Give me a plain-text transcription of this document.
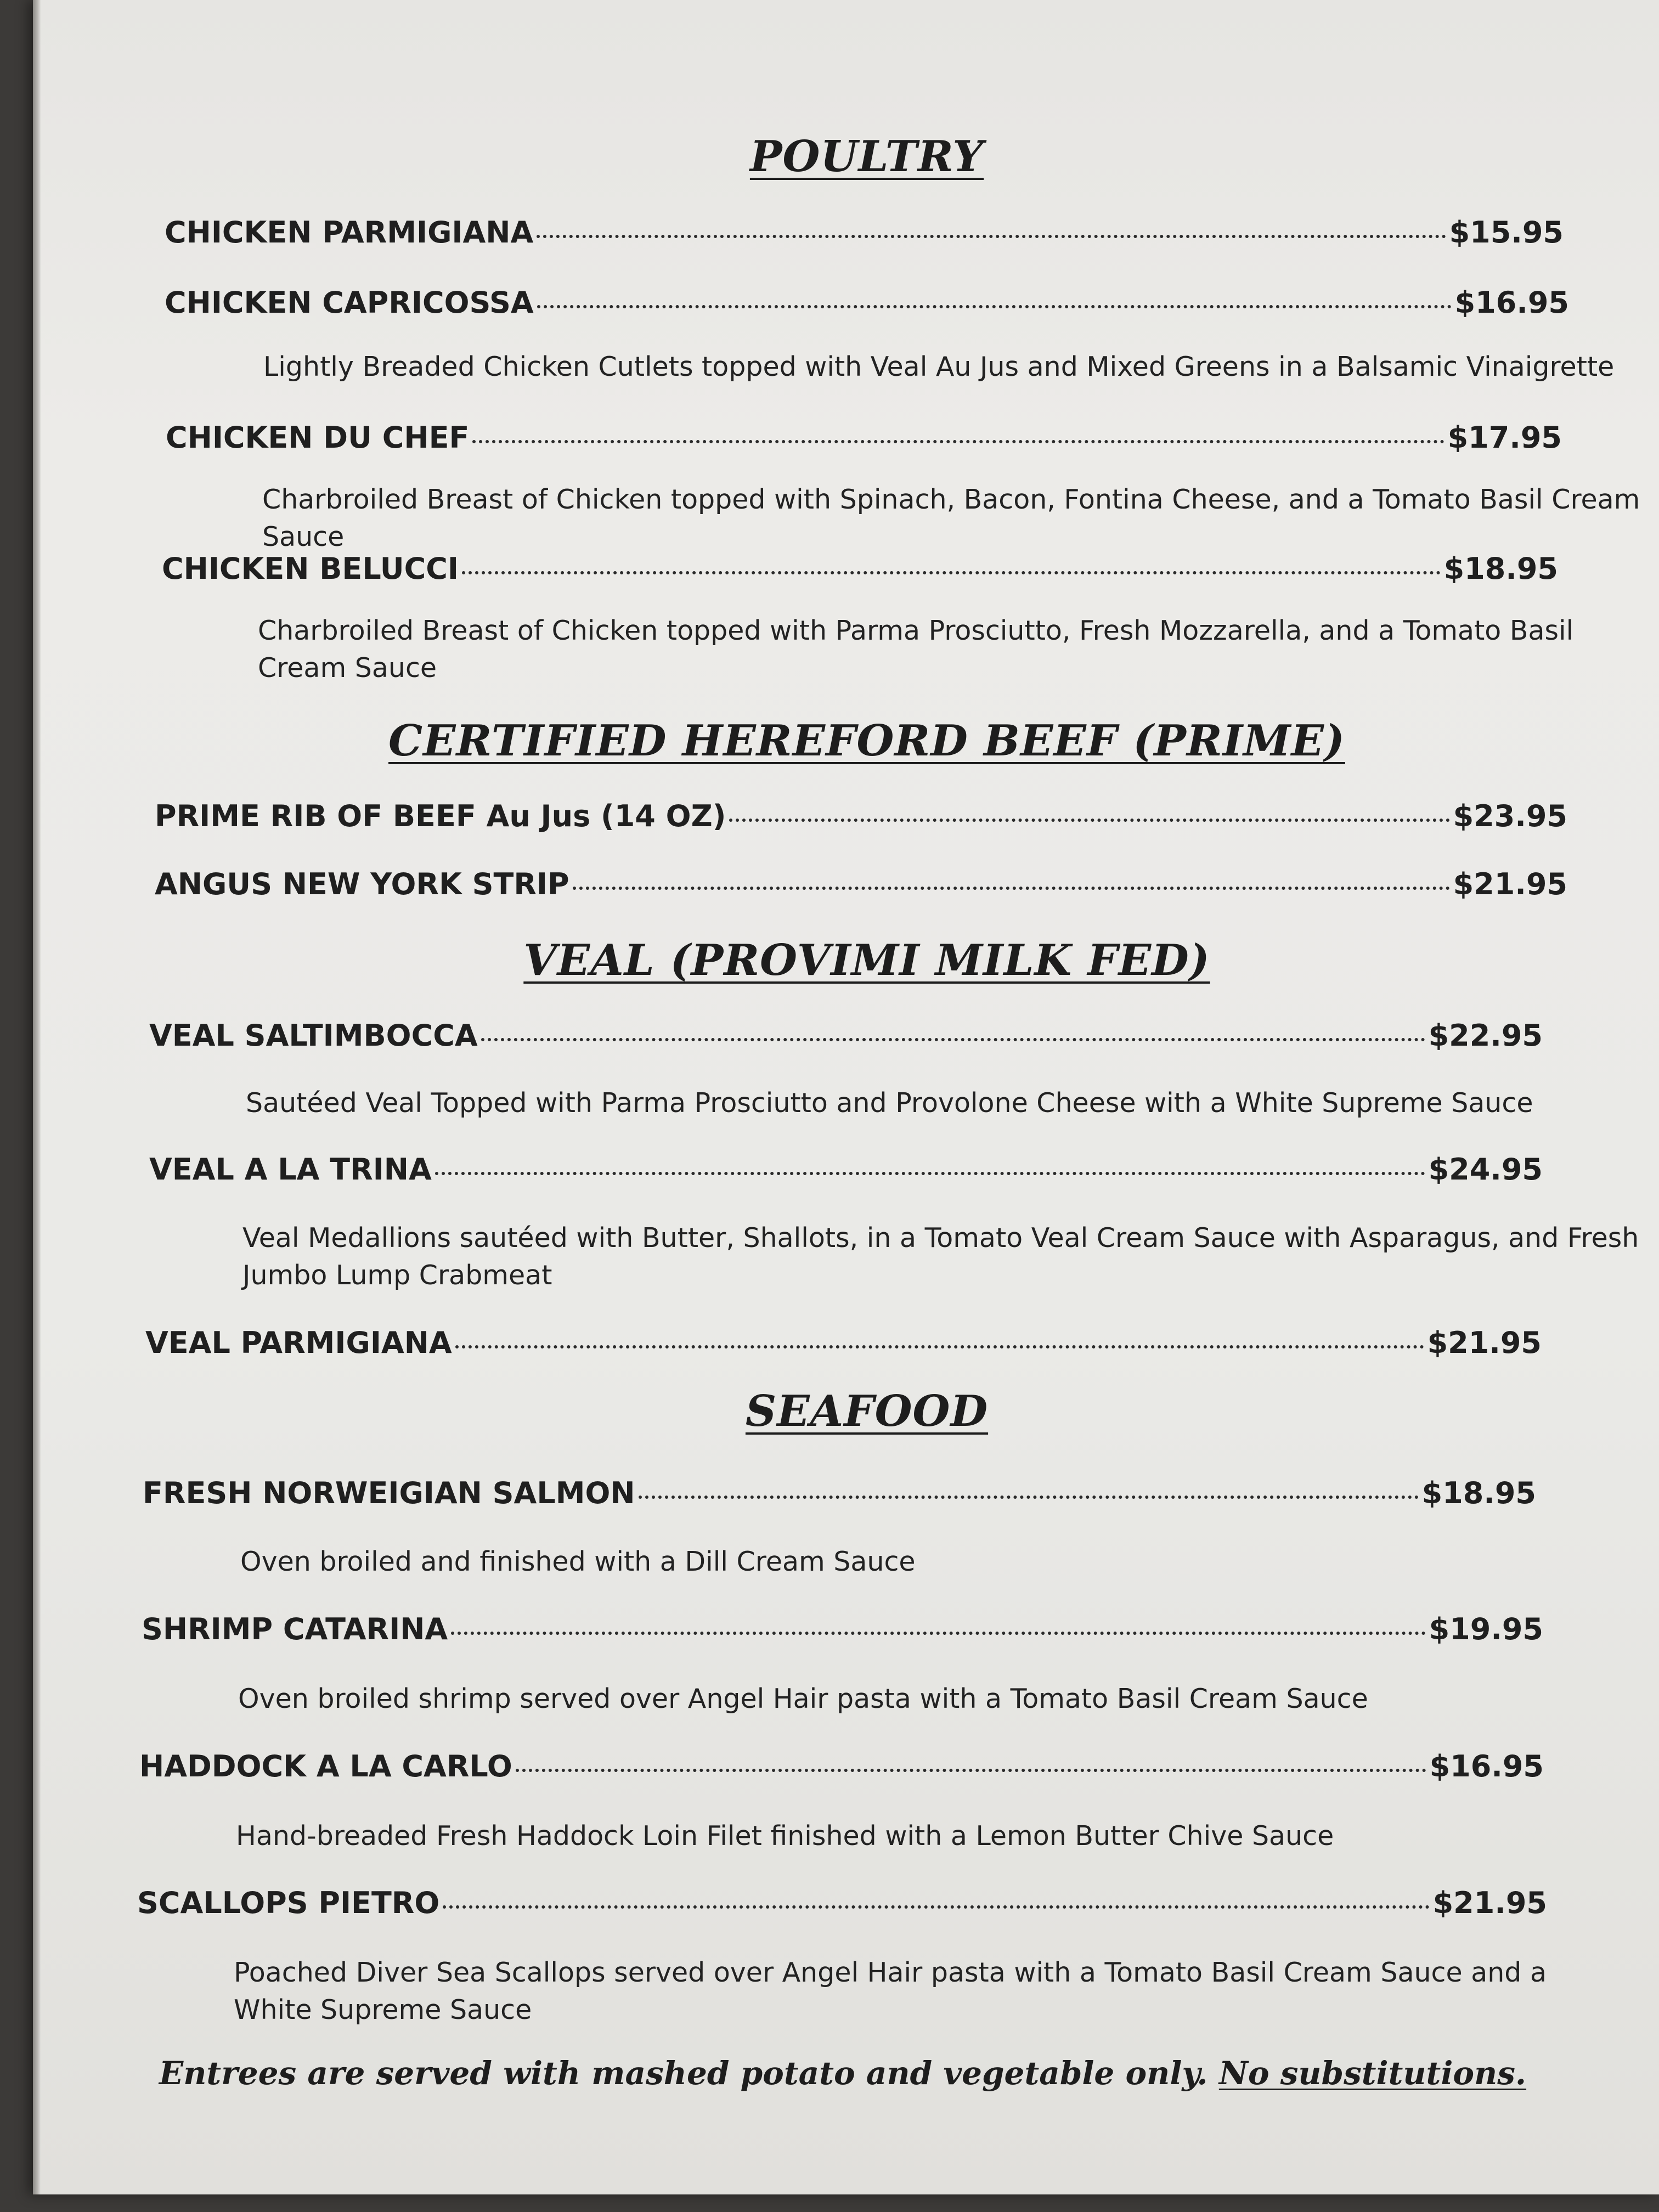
POULTRY
CHICKEN PARMIGIANA	$15.95
CHICKEN CAPRICOSSA	$16.95

Lightly Breaded Chicken Cutlets topped with Veal Au Jus and Mixed Greens in a Balsamic Vinaigrette

CHICKEN DU CHEF	$17.95

Charbroiled Breast of Chicken topped with Spinach, Bacon, Fontina Cheese, and a Tomato Basil Cream Sauce

CHICKEN BELUCCI	$18.95

Charbroiled Breast of Chicken topped with Parma Prosciutto, Fresh Mozzarella, and a Tomato Basil Cream Sauce

CERTIFIED HEREFORD BEEF (PRIME)
PRIME RIB OF BEEF Au Jus (14 OZ)	$23.95
ANGUS NEW YORK STRIP	$21.95
VEAL (PROVIMI MILK FED)
VEAL SALTIMBOCCA	$22.95

Sautéed Veal Topped with Parma Prosciutto and Provolone Cheese with a White Supreme Sauce

VEAL A LA TRINA	$24.95

Veal Medallions sautéed with Butter, Shallots, in a Tomato Veal Cream Sauce with Asparagus, and Fresh Jumbo Lump Crabmeat

VEAL PARMIGIANA	$21.95
SEAFOOD
FRESH NORWEIGIAN SALMON	$18.95

Oven broiled and finished with a Dill Cream Sauce

SHRIMP CATARINA	$19.95

Oven broiled shrimp served over Angel Hair pasta with a Tomato Basil Cream Sauce

HADDOCK A LA CARLO	$16.95

Hand-breaded Fresh Haddock Loin Filet finished with a Lemon Butter Chive Sauce

SCALLOPS PIETRO	$21.95

Poached Diver Sea Scallops served over Angel Hair pasta with a Tomato Basil Cream Sauce and a White Supreme Sauce

Entrees are served with mashed potato and vegetable only. No substitutions.
